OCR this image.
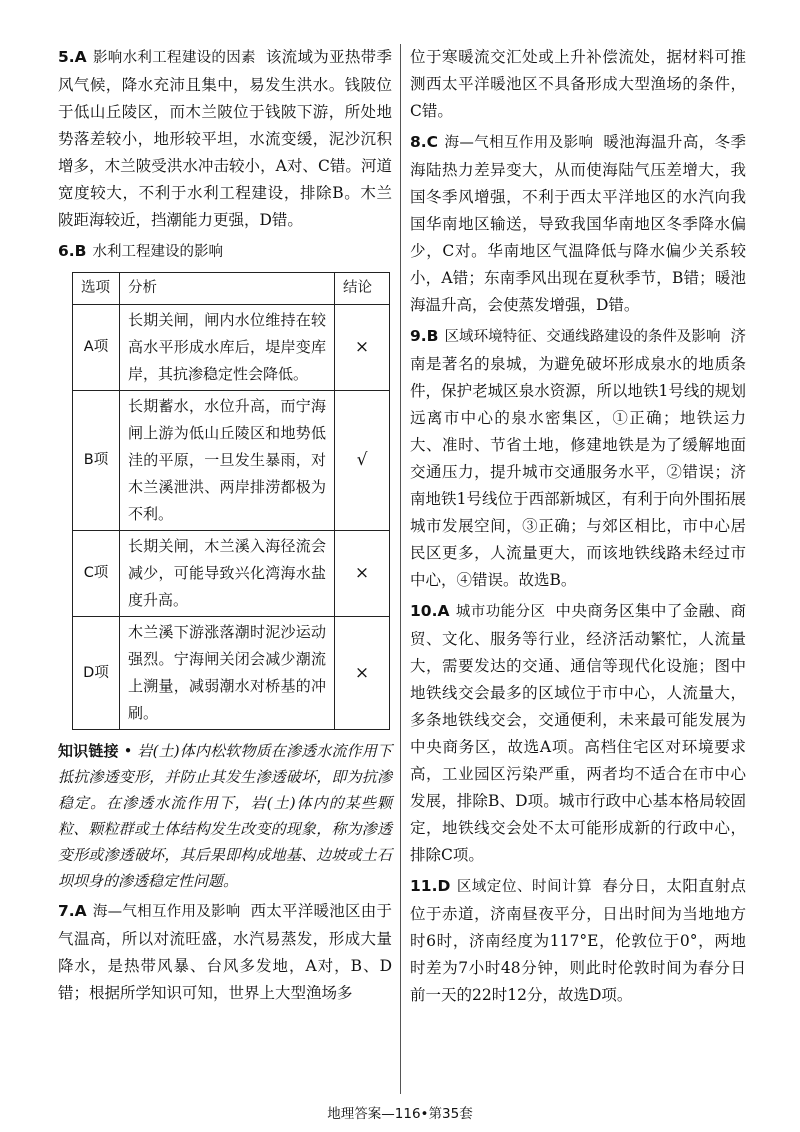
5.A 影响水利工程建设的因素 该流域为亚热带季风气候，降水充沛且集中，易发生洪水。钱陂位于低山丘陵区，而木兰陂位于钱陂下游，所处地势落差较小，地形较平坦，水流变缓，泥沙沉积增多，木兰陂受洪水冲击较小，A对、C错。河道宽度较大，不利于水利工程建设，排除B。木兰陂距海较近，挡潮能力更强，D错。

6.B 水利工程建设的影响

选项	分析	结论
A项	长期关闸，闸内水位维持在较高水平形成水库后，堤岸变库岸，其抗渗稳定性会降低。	×
B项	长期蓄水，水位升高，而宁海闸上游为低山丘陵区和地势低洼的平原，一旦发生暴雨，对木兰溪泄洪、两岸排涝都极为不利。	√
C项	长期关闸，木兰溪入海径流会减少，可能导致兴化湾海水盐度升高。	×
D项	木兰溪下游涨落潮时泥沙运动强烈。宁海闸关闭会减少潮流上溯量，减弱潮水对桥基的冲刷。	×

知识链接 • 岩(土)体内松软物质在渗透水流作用下抵抗渗透变形，并防止其发生渗透破坏，即为抗渗稳定。在渗透水流作用下，岩(土)体内的某些颗粒、颗粒群或土体结构发生改变的现象，称为渗透变形或渗透破坏，其后果即构成地基、边坡或土石坝坝身的渗透稳定性问题。

7.A 海—气相互作用及影响 西太平洋暖池区由于气温高，所以对流旺盛，水汽易蒸发，形成大量降水，是热带风暴、台风多发地，A对，B、D错；根据所学知识可知，世界上大型渔场多

位于寒暖流交汇处或上升补偿流处，据材料可推测西太平洋暖池区不具备形成大型渔场的条件，C错。

8.C 海—气相互作用及影响 暖池海温升高，冬季海陆热力差异变大，从而使海陆气压差增大，我国冬季风增强，不利于西太平洋地区的水汽向我国华南地区输送，导致我国华南地区冬季降水偏少，C对。华南地区气温降低与降水偏少关系较小，A错；东南季风出现在夏秋季节，B错；暖池海温升高，会使蒸发增强，D错。

9.B 区域环境特征、交通线路建设的条件及影响 济南是著名的泉城，为避免破坏形成泉水的地质条件，保护老城区泉水资源，所以地铁1号线的规划远离市中心的泉水密集区，①正确；地铁运力大、准时、节省土地，修建地铁是为了缓解地面交通压力，提升城市交通服务水平，②错误；济南地铁1号线位于西部新城区，有利于向外围拓展城市发展空间，③正确；与郊区相比，市中心居民区更多，人流量更大，而该地铁线路未经过市中心，④错误。故选B。

10.A 城市功能分区 中央商务区集中了金融、商贸、文化、服务等行业，经济活动繁忙，人流量大，需要发达的交通、通信等现代化设施；图中地铁线交会最多的区域位于市中心，人流量大，多条地铁线交会，交通便利，未来最可能发展为中央商务区，故选A项。高档住宅区对环境要求高，工业园区污染严重，两者均不适合在市中心发展，排除B、D项。城市行政中心基本格局较固定，地铁线交会处不太可能形成新的行政中心，排除C项。

11.D 区域定位、时间计算 春分日，太阳直射点位于赤道，济南昼夜平分，日出时间为当地地方时6时，济南经度为117°E，伦敦位于0°，两地时差为7小时48分钟，则此时伦敦时间为春分日前一天的22时12分，故选D项。

地理答案—116•第35套
